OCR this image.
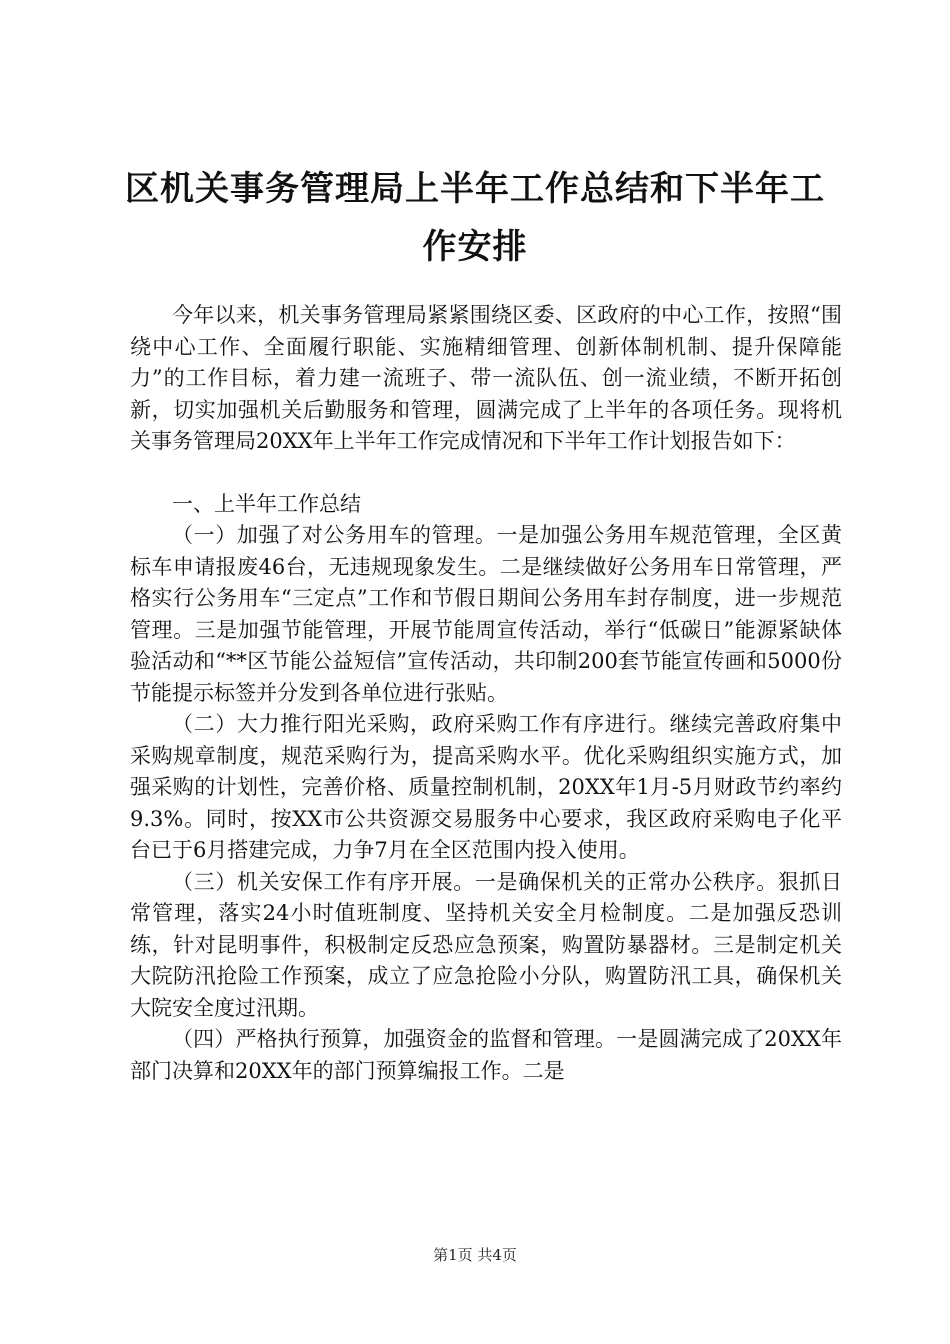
区机关事务管理局上半年工作总结和下半年工
作安排

今年以来，机关事务管理局紧紧围绕区委、区政府的中心工作，按照“围绕中心工作、全面履行职能、实施精细管理、创新体制机制、提升保障能力”的工作目标，着力建一流班子、带一流队伍、创一流业绩，不断开拓创新，切实加强机关后勤服务和管理，圆满完成了上半年的各项任务。现将机关事务管理局20XX年上半年工作完成情况和下半年工作计划报告如下：

一、上半年工作总结

（一）加强了对公务用车的管理。一是加强公务用车规范管理，全区黄标车申请报废46台，无违规现象发生。二是继续做好公务用车日常管理，严格实行公务用车“三定点”工作和节假日期间公务用车封存制度，进一步规范管理。三是加强节能管理，开展节能周宣传活动，举行“低碳日”能源紧缺体验活动和“**区节能公益短信”宣传活动，共印制200套节能宣传画和5000份节能提示标签并分发到各单位进行张贴。

（二）大力推行阳光采购，政府采购工作有序进行。继续完善政府集中采购规章制度，规范采购行为，提高采购水平。优化采购组织实施方式，加强采购的计划性，完善价格、质量控制机制，20XX年1月-5月财政节约率约9.3%。同时，按XX市公共资源交易服务中心要求，我区政府采购电子化平台已于6月搭建完成，力争7月在全区范围内投入使用。

（三）机关安保工作有序开展。一是确保机关的正常办公秩序。狠抓日常管理，落实24小时值班制度、坚持机关安全月检制度。二是加强反恐训练，针对昆明事件，积极制定反恐应急预案，购置防暴器材。三是制定机关大院防汛抢险工作预案，成立了应急抢险小分队，购置防汛工具，确保机关大院安全度过汛期。

（四）严格执行预算，加强资金的监督和管理。一是圆满完成了20XX年部门决算和20XX年的部门预算编报工作。二是

第1页 共4页
